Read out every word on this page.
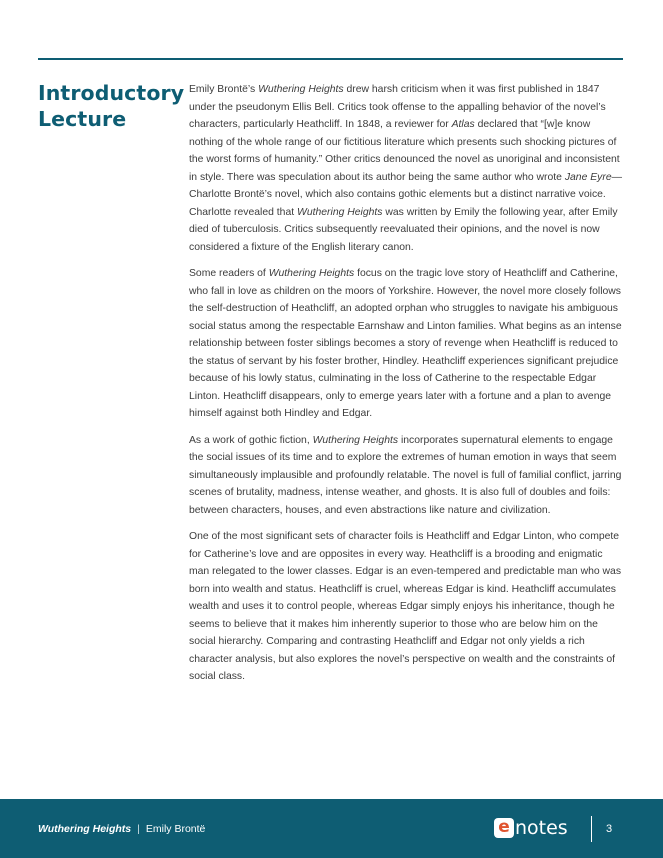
Introductory
Lecture

Emily Brontë’s Wuthering Heights drew harsh criticism when it was first published in 1847 under the pseudonym Ellis Bell. Critics took offense to the appalling behavior of the novel’s characters, particularly Heathcliff. In 1848, a reviewer for Atlas declared that “[w]e know nothing of the whole range of our fictitious literature which presents such shocking pictures of the worst forms of humanity.” Other critics denounced the novel as unoriginal and inconsistent in style. There was speculation about its author being the same author who wrote Jane Eyre—Charlotte Brontë’s novel, which also contains gothic elements but a distinct narrative voice. Charlotte revealed that Wuthering Heights was written by Emily the following year, after Emily died of tuberculosis. Critics subsequently reevaluated their opinions, and the novel is now considered a fixture of the English literary canon.

Some readers of Wuthering Heights focus on the tragic love story of Heathcliff and Catherine, who fall in love as children on the moors of Yorkshire. However, the novel more closely follows the self-destruction of Heathcliff, an adopted orphan who struggles to navigate his ambiguous social status among the respectable Earnshaw and Linton families. What begins as an intense relationship between foster siblings becomes a story of revenge when Heathcliff is reduced to the status of servant by his foster brother, Hindley. Heathcliff experiences significant prejudice because of his lowly status, culminating in the loss of Catherine to the respectable Edgar Linton. Heathcliff disappears, only to emerge years later with a fortune and a plan to avenge himself against both Hindley and Edgar.

As a work of gothic fiction, Wuthering Heights incorporates supernatural elements to engage the social issues of its time and to explore the extremes of human emotion in ways that seem simultaneously implausible and profoundly relatable. The novel is full of familial conflict, jarring scenes of brutality, madness, intense weather, and ghosts. It is also full of doubles and foils: between characters, houses, and even abstractions like nature and civilization.

One of the most significant sets of character foils is Heathcliff and Edgar Linton, who compete for Catherine’s love and are opposites in every way. Heathcliff is a brooding and enigmatic man relegated to the lower classes. Edgar is an even-tempered and predictable man who was born into wealth and status. Heathcliff is cruel, whereas Edgar is kind. Heathcliff accumulates wealth and uses it to control people, whereas Edgar simply enjoys his inheritance, though he seems to believe that it makes him inherently superior to those who are below him on the social hierarchy. Comparing and contrasting Heathcliff and Edgar not only yields a rich character analysis, but also explores the novel’s perspective on wealth and the constraints of social class.

Wuthering Heights | Emily Brontë	e notes	3
